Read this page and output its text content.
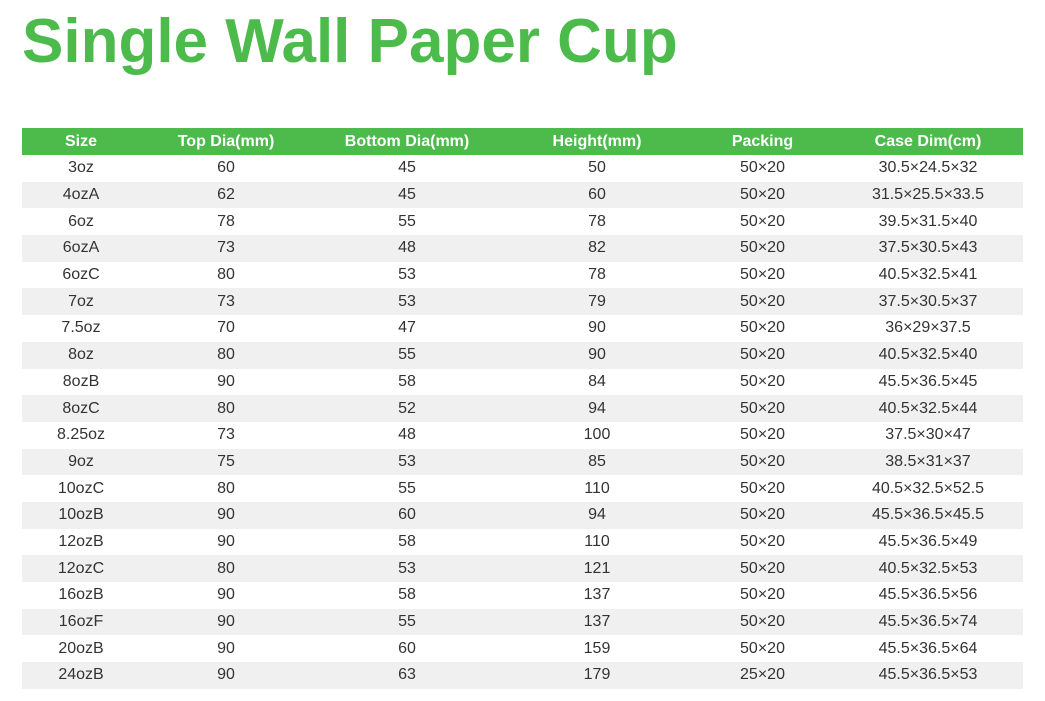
Single Wall Paper Cup
Size	Top Dia(mm)	Bottom Dia(mm)	Height(mm)	Packing	Case Dim(cm)
3oz	60	45	50	50×20	30.5×24.5×32
4ozA	62	45	60	50×20	31.5×25.5×33.5
6oz	78	55	78	50×20	39.5×31.5×40
6ozA	73	48	82	50×20	37.5×30.5×43
6ozC	80	53	78	50×20	40.5×32.5×41
7oz	73	53	79	50×20	37.5×30.5×37
7.5oz	70	47	90	50×20	36×29×37.5
8oz	80	55	90	50×20	40.5×32.5×40
8ozB	90	58	84	50×20	45.5×36.5×45
8ozC	80	52	94	50×20	40.5×32.5×44
8.25oz	73	48	100	50×20	37.5×30×47
9oz	75	53	85	50×20	38.5×31×37
10ozC	80	55	110	50×20	40.5×32.5×52.5
10ozB	90	60	94	50×20	45.5×36.5×45.5
12ozB	90	58	110	50×20	45.5×36.5×49
12ozC	80	53	121	50×20	40.5×32.5×53
16ozB	90	58	137	50×20	45.5×36.5×56
16ozF	90	55	137	50×20	45.5×36.5×74
20ozB	90	60	159	50×20	45.5×36.5×64
24ozB	90	63	179	25×20	45.5×36.5×53
